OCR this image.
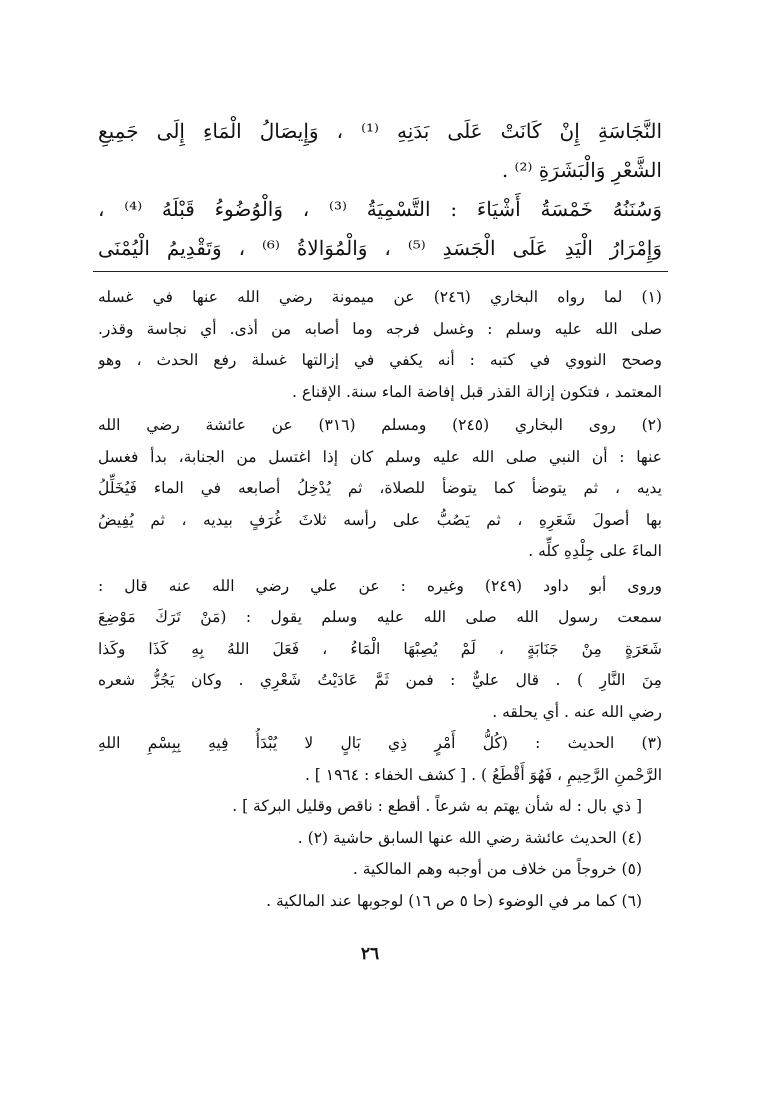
النَّجَاسَةِ إِنْ كَانَتْ عَلَى بَدَنِهِ ⁽¹⁾ ، وَإِيصَالُ الْمَاءِ إِلَى جَمِيعِ
الشَّعْرِ وَالْبَشَرَةِ ⁽²⁾ .
وَسُنَنُهُ خَمْسَةُ أَشْيَاءَ : التَّسْمِيَةُ ⁽³⁾ ، وَالْوُضُوءُ قَبْلَهُ ⁽⁴⁾ ،
وَإِمْرَارُ الْيَدِ عَلَى الْجَسَدِ ⁽⁵⁾ ، وَالْمُوَالاةُ ⁽⁶⁾ ، وَتَقْدِيمُ الْيُمْنَى
(١) لما رواه البخاري (٢٤٦) عن ميمونة رضي الله عنها في غسله
صلى الله عليه وسلم : وغسل فرجه وما أصابه من أذى. أي نجاسة وقذر.
وصحح النووي في كتبه : أنه يكفي في إزالتها غسلة رفع الحدث ، وهو
المعتمد ، فتكون إزالة القذر قبل إفاضة الماء سنة. الإقناع .
(٢) روى البخاري (٢٤٥) ومسلم (٣١٦) عن عائشة رضي الله
عنها : أن النبي صلى الله عليه وسلم كان إذا اغتسل من الجنابة، بدأ فغسل
يديه ، ثم يتوضأ كما يتوضأ للصلاة، ثم يُدْخِلُ أصابعه في الماء فَيُخَلِّلُ
بها أصولَ شَعَرِهِ ، ثم يَصُبُّ على رأسه ثلاثَ غُرَفٍ بيديه ، ثم يُفِيضُ
الماءَ على جِلْدِهِ كلِّه .
وروى أبو داود (٢٤٩) وغيره : عن علي رضي الله عنه قال :
سمعت رسول الله صلى الله عليه وسلم يقول : (مَنْ تَرَكَ مَوْضِعَ
شَعَرَةٍ مِنْ جَنَابَةٍ ، لَمْ يُصِبْهَا الْمَاءُ ، فَعَلَ اللهُ بِهِ كَذَا وكَذا
مِنَ النَّارِ ) . قال عليٌّ : فمن ثَمَّ عَادَيْتُ شَعْرِي . وكان يَجُزُّ شعره
رضي الله عنه . أي يحلقه .
(٣) الحديث : (كُلُّ أَمْرٍ ذِي بَالٍ لا يُبْدَأُ فِيهِ بِبِسْمِ اللهِ
الرَّحْمنِ الرَّحِيمِ ، فَهُوَ أَقْطَعُ ) . [ كشف الخفاء : ١٩٦٤ ] .
[ ذي بال : له شأن يهتم به شرعاً . أقطع : ناقص وقليل البركة ] .
(٤) الحديث عائشة رضي الله عنها السابق حاشية (٢) .
(٥) خروجاً من خلاف من أوجبه وهم المالكية .
(٦) كما مر في الوضوء (حا ٥ ص ١٦) لوجوبها عند المالكية .
٢٦
